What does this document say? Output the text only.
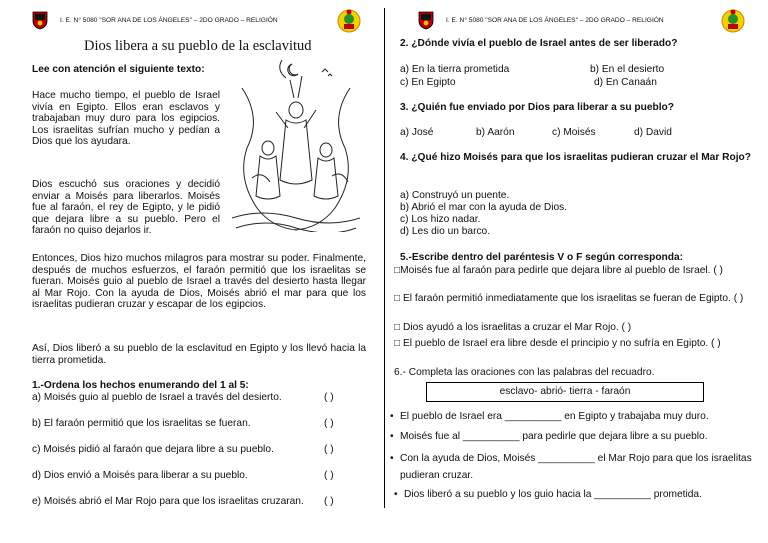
I. E. N° 5080 "SOR ANA DE LOS ÁNGELES" – 2DO GRADO – RELIGIÓN
Dios libera a su pueblo de la esclavitud
Lee con atención el siguiente texto:

Hace mucho tiempo, el pueblo de Israel vivía en Egipto. Ellos eran esclavos y trabajaban muy duro para los egipcios. Los israelitas sufrían mucho y pedían a Dios que los ayudara.

Dios escuchó sus oraciones y decidió enviar a Moisés para liberarlos. Moisés fue al faraón, el rey de Egipto, y le pidió que dejara libre a su pueblo. Pero el faraón no quiso dejarlos ir.

Entonces, Dios hizo muchos milagros para mostrar su poder. Finalmente, después de muchos esfuerzos, el faraón permitió que los israelitas se fueran. Moisés guio al pueblo de Israel a través del desierto hasta llegar al Mar Rojo. Con la ayuda de Dios, Moisés abrió el mar para que los israelitas pudieran cruzar y escapar de los egipcios.

Así, Dios liberó a su pueblo de la esclavitud en Egipto y los llevó hacia la tierra prometida.

1.-Ordena los hechos enumerando del 1 al 5:
a) Moisés guio al pueblo de Israel a través del desierto.	( )
b) El faraón permitió que los israelitas se fueran.	( )
c) Moisés pidió al faraón que dejara libre a su pueblo.	( )
d) Dios envió a Moisés para liberar a su pueblo.	( )
e) Moisés abrió el Mar Rojo para que los israelitas cruzaran. ( )
I. E. N° 5080 "SOR ANA DE LOS ÁNGELES" – 2DO GRADO – RELIGIÓN
2. ¿Dónde vivía el pueblo de Israel antes de ser liberado?
a) En la tierra prometida	b) En el desierto
c) En Egipto	d) En Canaán
3. ¿Quién fue enviado por Dios para liberar a su pueblo?
a) José	b) Aarón	c) Moisés	d) David

4. ¿Qué hizo Moisés para que los israelitas pudieran cruzar el Mar Rojo?

a) Construyó un puente.
b) Abrió el mar con la ayuda de Dios.
c) Los hizo nadar.
d) Les dio un barco.
5.-Escribe dentro del paréntesis V o F según corresponda:

□Moisés fue al faraón para pedirle que dejara libre al pueblo de Israel. ( )

□ El faraón permitió inmediatamente que los israelitas se fueran de Egipto. ( )

□ Dios ayudó a los israelitas a cruzar el Mar Rojo. ( )

□ El pueblo de Israel era libre desde el principio y no sufría en Egipto. ( )

6.- Completa las oraciones con las palabras del recuadro.
esclavo- abrió- tierra - faraón
• El pueblo de Israel era __________ en Egipto y trabajaba muy duro.
• Moisés fue al __________ para pedirle que dejara libre a su pueblo.

• Con la ayuda de Dios, Moisés __________ el Mar Rojo para que los israelitas pudieran cruzar.

• Dios liberó a su pueblo y los guio hacia la __________ prometida.
